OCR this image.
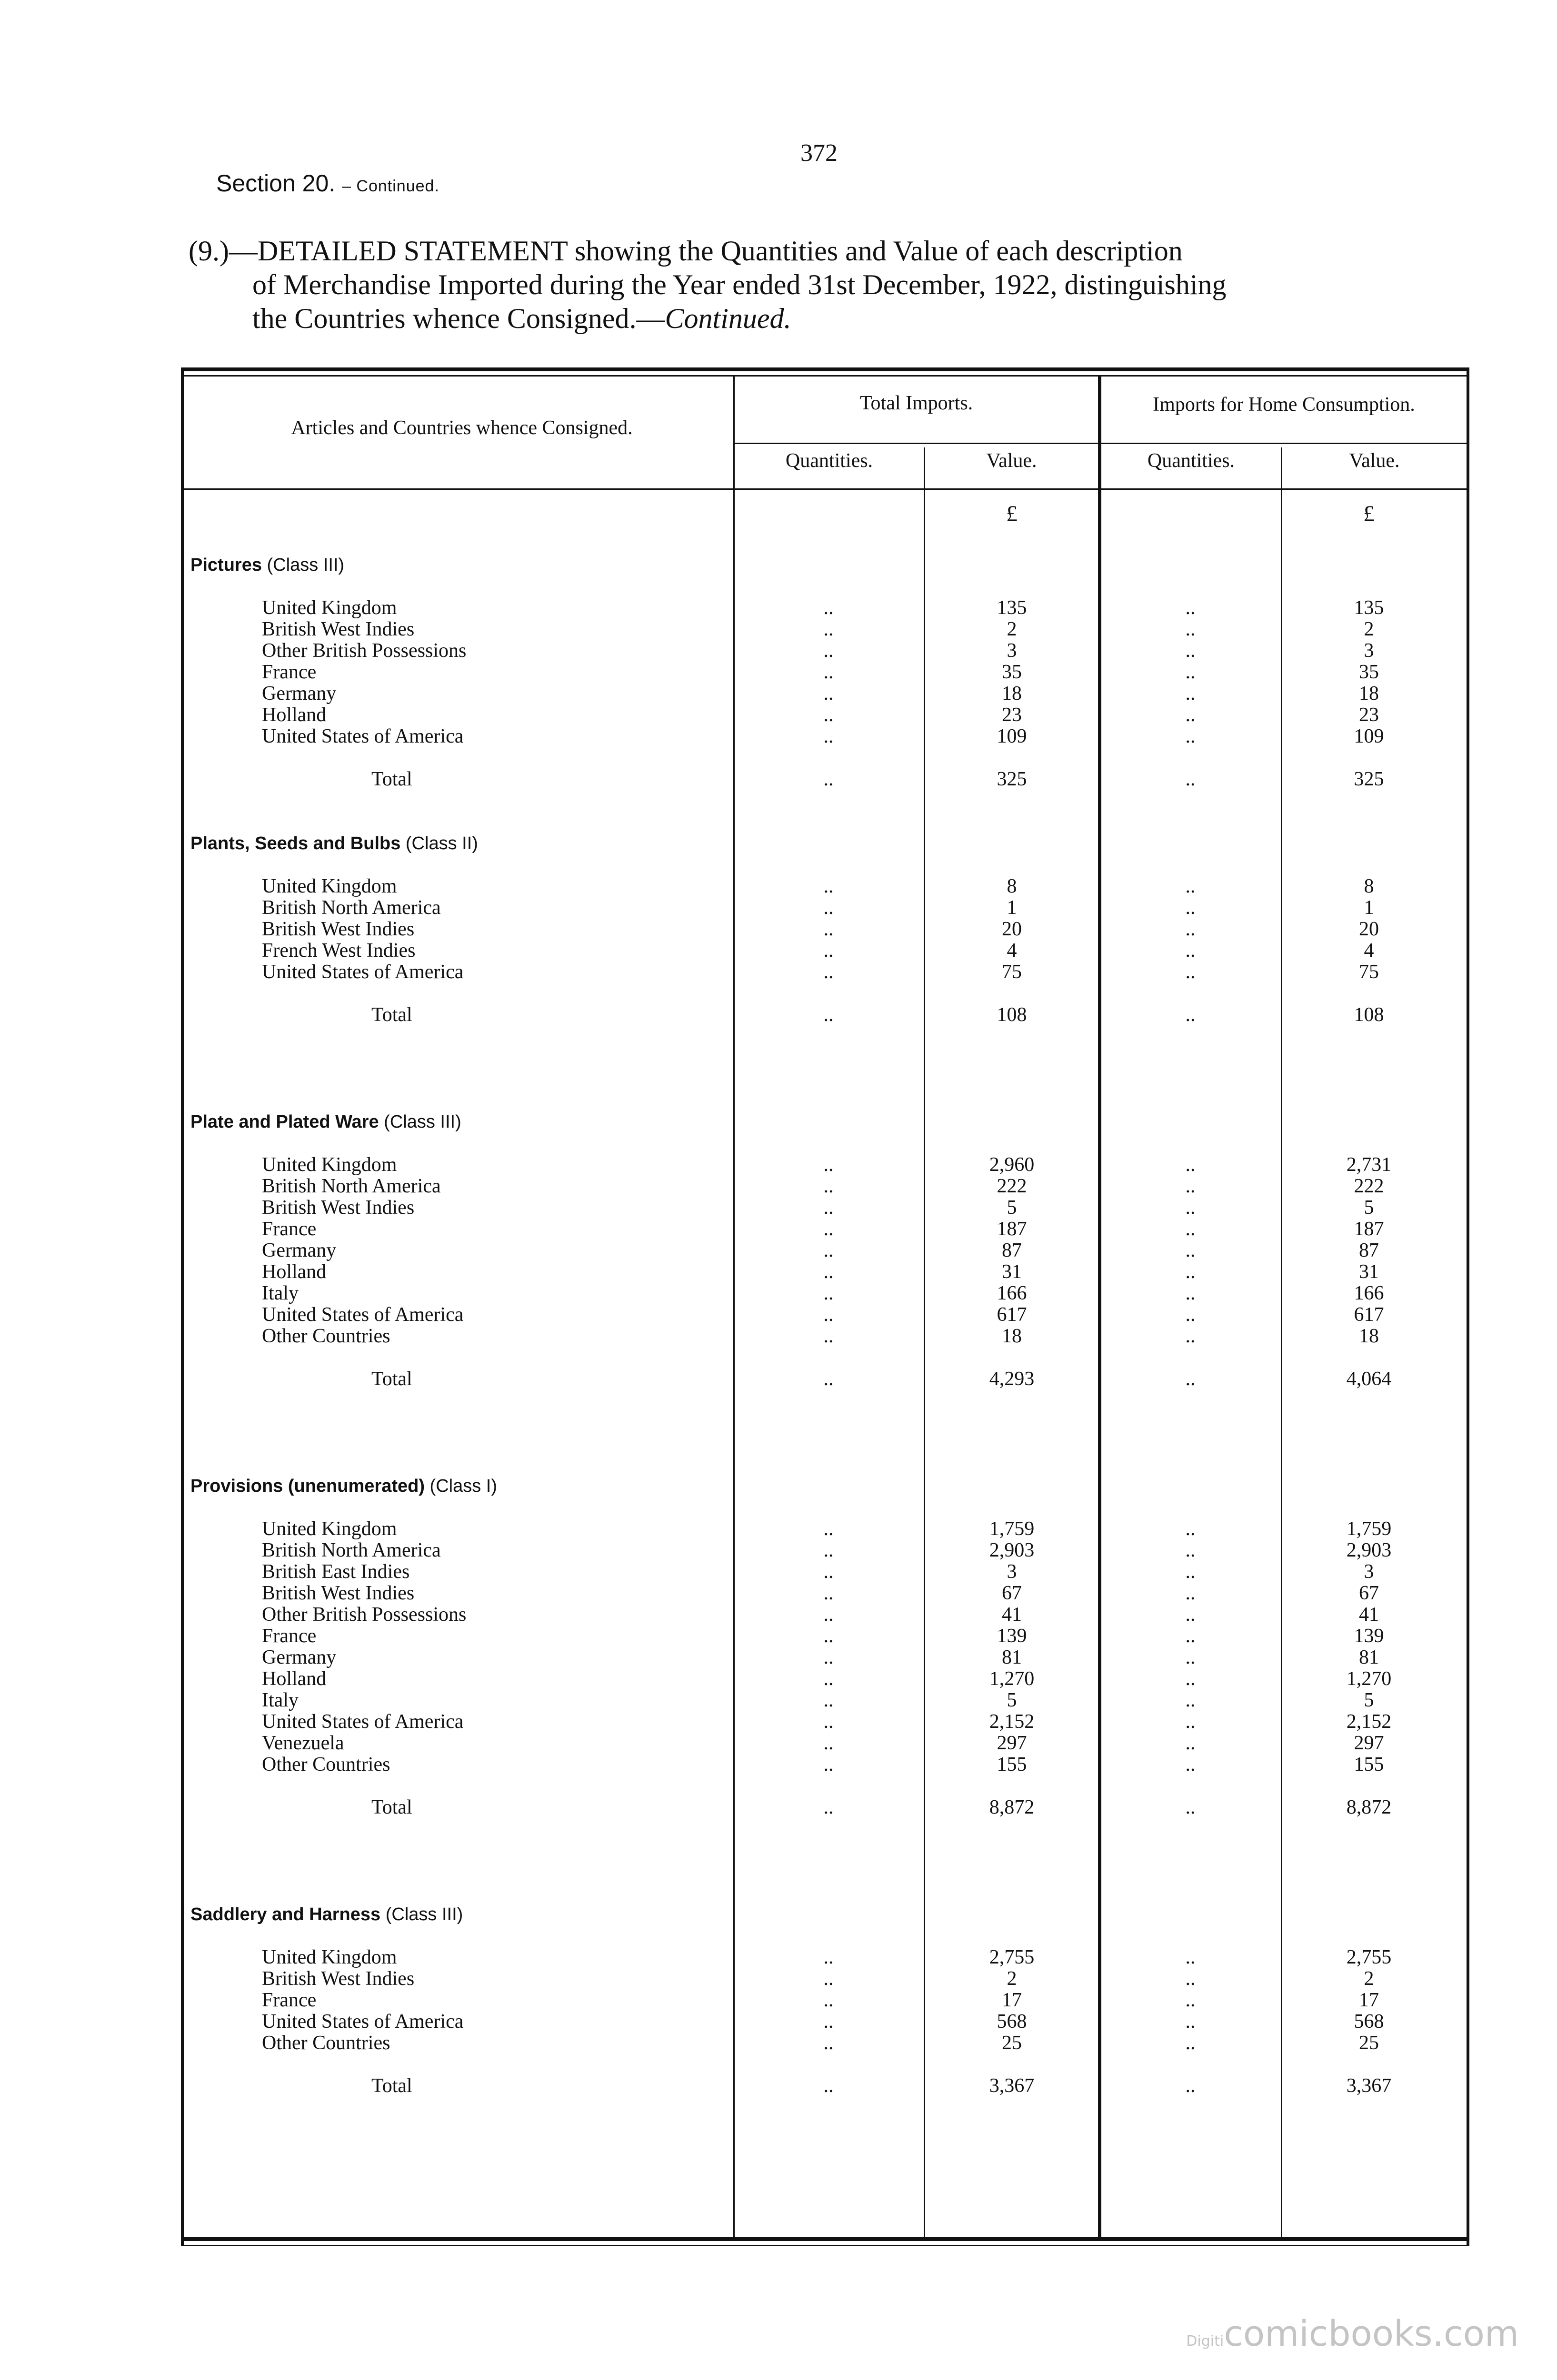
372
Section 20. – Continued.
(9.)—DETAILED STATEMENT showing the Quantities and Value of each description
of Merchandise Imported during the Year ended 31st December, 1922, distinguishing
the Countries whence Consigned.—Continued.
Articles and Countries whence Consigned.
Total Imports.	Imports for Home Consumption.
Quantities.	Value.	Quantities.	Value.
£	£
Pictures (Class III)
United Kingdom	..	135	..	135
British West Indies	..	2	..	2
Other British Possessions	..	3	..	3
France	..	35	..	35
Germany	..	18	..	18
Holland	..	23	..	23
United States of America	..	109	..	109
Total	..	325	..	325
Plants, Seeds and Bulbs (Class II)
United Kingdom	..	8	..	8
British North America	..	1	..	1
British West Indies	..	20	..	20
French West Indies	..	4	..	4
United States of America	..	75	..	75
Total	..	108	..	108
Plate and Plated Ware (Class III)
United Kingdom	..	2,960	..	2,731
British North America	..	222	..	222
British West Indies	..	5	..	5
France	..	187	..	187
Germany	..	87	..	87
Holland	..	31	..	31
Italy	..	166	..	166
United States of America	..	617	..	617
Other Countries	..	18	..	18
Total	..	4,293	..	4,064
Provisions (unenumerated) (Class I)
United Kingdom	..	1,759	..	1,759
British North America	..	2,903	..	2,903
British East Indies	..	3	..	3
British West Indies	..	67	..	67
Other British Possessions	..	41	..	41
France	..	139	..	139
Germany	..	81	..	81
Holland	..	1,270	..	1,270
Italy	..	5	..	5
United States of America	..	2,152	..	2,152
Venezuela	..	297	..	297
Other Countries	..	155	..	155
Total	..	8,872	..	8,872
Saddlery and Harness (Class III)
United Kingdom	..	2,755	..	2,755
British West Indies	..	2	..	2
France	..	17	..	17
United States of America	..	568	..	568
Other Countries	..	25	..	25
Total	..	3,367	..	3,367
Digiticomicbooks.com
